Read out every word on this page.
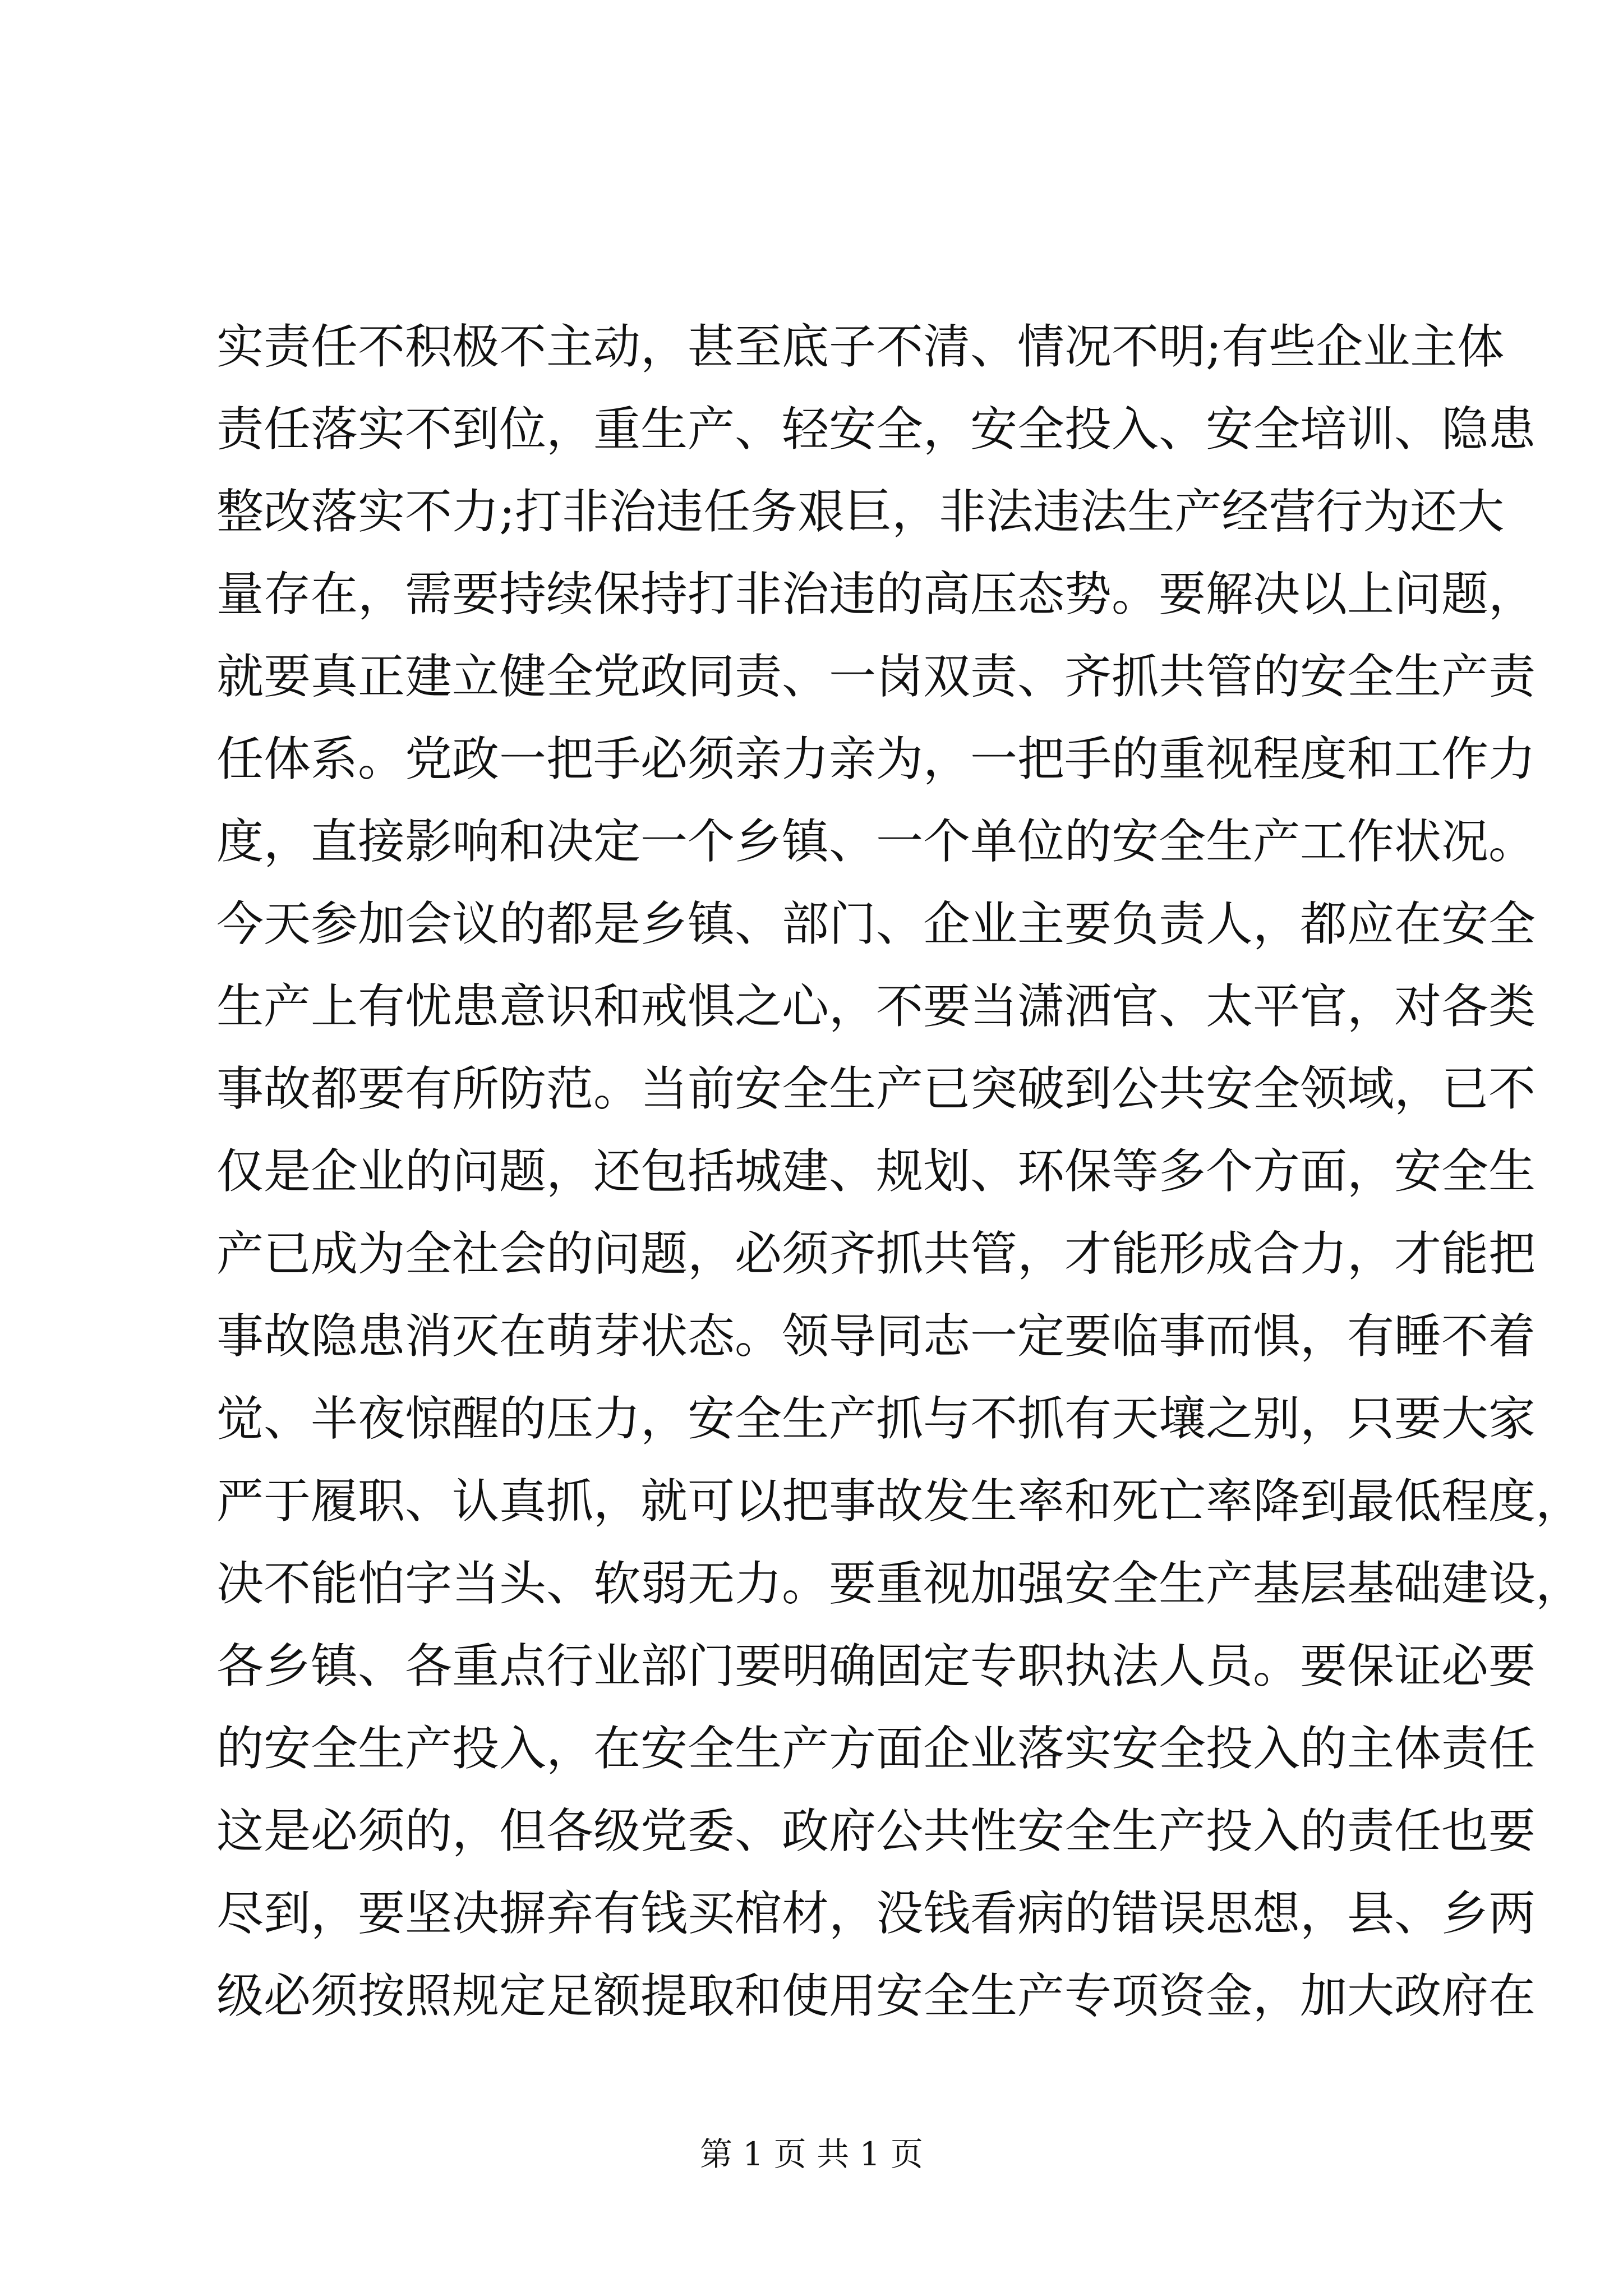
实责任不积极不主动，甚至底子不清、情况不明;有些企业主体
责任落实不到位，重生产、轻安全，安全投入、安全培训、隐患
整改落实不力;打非治违任务艰巨，非法违法生产经营行为还大
量存在，需要持续保持打非治违的高压态势。要解决以上问题，
就要真正建立健全党政同责、一岗双责、齐抓共管的安全生产责
任体系。党政一把手必须亲力亲为，一把手的重视程度和工作力
度，直接影响和决定一个乡镇、一个单位的安全生产工作状况。
今天参加会议的都是乡镇、部门、企业主要负责人，都应在安全
生产上有忧患意识和戒惧之心，不要当潇洒官、太平官，对各类
事故都要有所防范。当前安全生产已突破到公共安全领域，已不
仅是企业的问题，还包括城建、规划、环保等多个方面，安全生
产已成为全社会的问题，必须齐抓共管，才能形成合力，才能把
事故隐患消灭在萌芽状态。领导同志一定要临事而惧，有睡不着
觉、半夜惊醒的压力，安全生产抓与不抓有天壤之别，只要大家
严于履职、认真抓，就可以把事故发生率和死亡率降到最低程度，
决不能怕字当头、软弱无力。要重视加强安全生产基层基础建设，
各乡镇、各重点行业部门要明确固定专职执法人员。要保证必要
的安全生产投入，在安全生产方面企业落实安全投入的主体责任
这是必须的，但各级党委、政府公共性安全生产投入的责任也要
尽到，要坚决摒弃有钱买棺材，没钱看病的错误思想，县、乡两
级必须按照规定足额提取和使用安全生产专项资金，加大政府在
第 1 页 共 1 页
